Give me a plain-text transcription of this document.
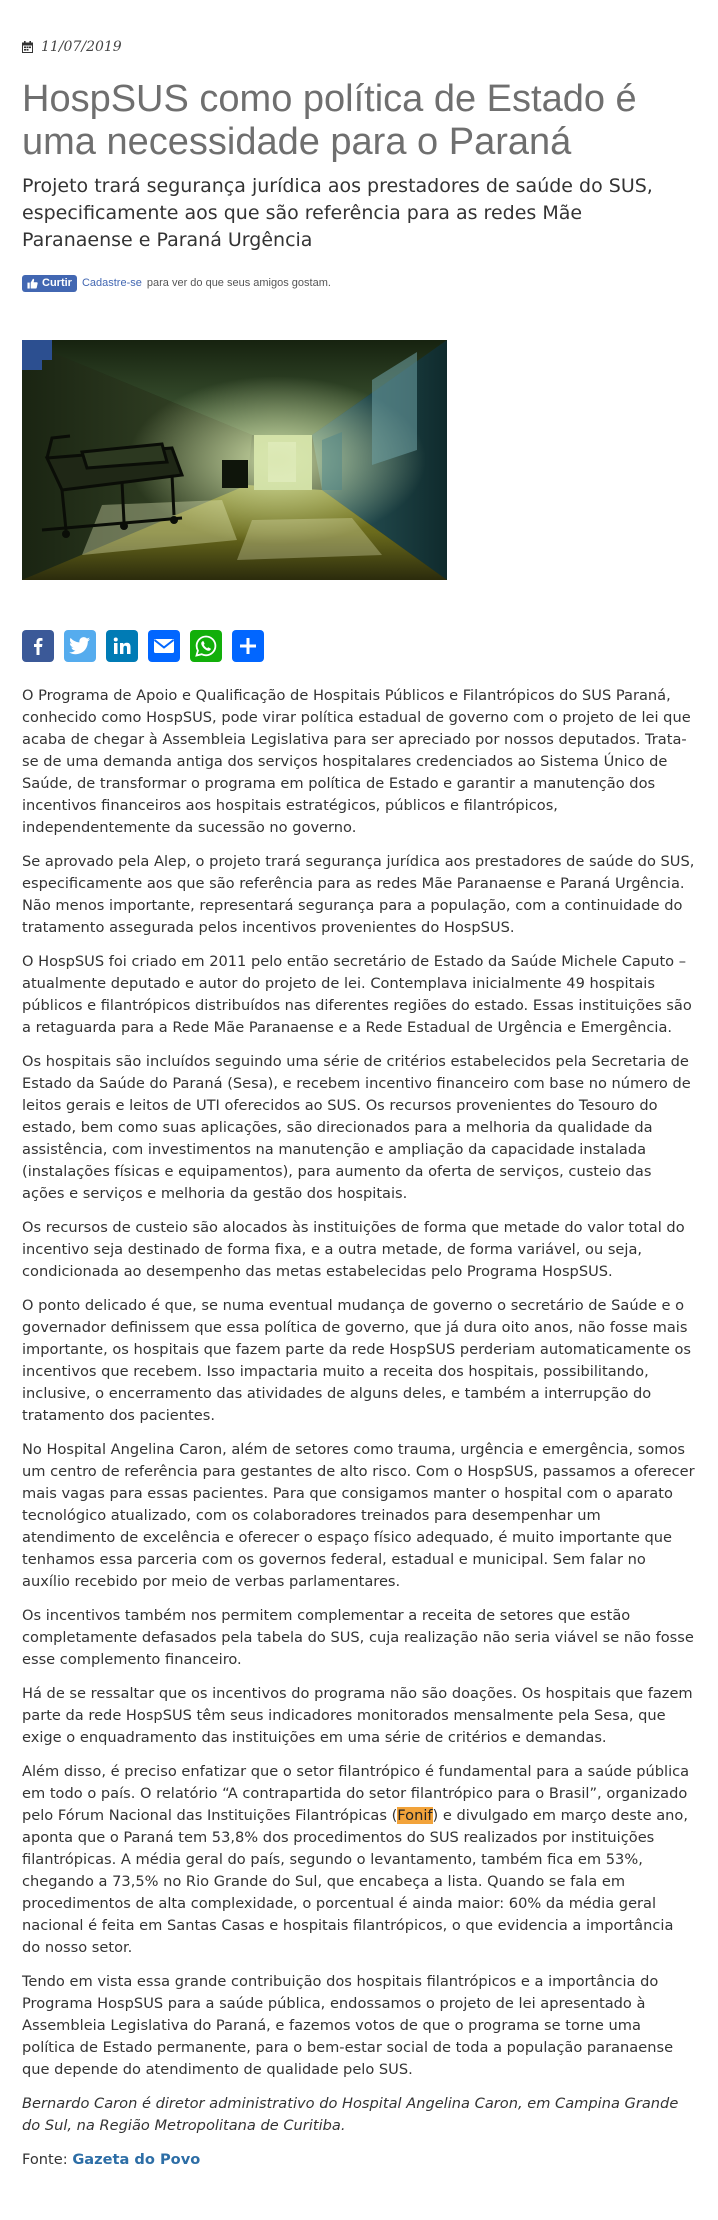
11/07/2019
HospSUS como política de Estado é uma necessidade para o Paraná
Projeto trará segurança jurídica aos prestadores de saúde do SUS, especificamente aos que são referência para as redes Mãe Paranaense e Paraná Urgência
Curtir Cadastre-se para ver do que seus amigos gostam.

O Programa de Apoio e Qualificação de Hospitais Públicos e Filantrópicos do SUS Paraná, conhecido como HospSUS, pode virar política estadual de governo com o projeto de lei que acaba de chegar à Assembleia Legislativa para ser apreciado por nossos deputados. Trata-se de uma demanda antiga dos serviços hospitalares credenciados ao Sistema Único de Saúde, de transformar o programa em política de Estado e garantir a manutenção dos incentivos financeiros aos hospitais estratégicos, públicos e filantrópicos, independentemente da sucessão no governo.

Se aprovado pela Alep, o projeto trará segurança jurídica aos prestadores de saúde do SUS, especificamente aos que são referência para as redes Mãe Paranaense e Paraná Urgência. Não menos importante, representará segurança para a população, com a continuidade do tratamento assegurada pelos incentivos provenientes do HospSUS.

O HospSUS foi criado em 2011 pelo então secretário de Estado da Saúde Michele Caputo – atualmente deputado e autor do projeto de lei. Contemplava inicialmente 49 hospitais públicos e filantrópicos distribuídos nas diferentes regiões do estado. Essas instituições são a retaguarda para a Rede Mãe Paranaense e a Rede Estadual de Urgência e Emergência.

Os hospitais são incluídos seguindo uma série de critérios estabelecidos pela Secretaria de Estado da Saúde do Paraná (Sesa), e recebem incentivo financeiro com base no número de leitos gerais e leitos de UTI oferecidos ao SUS. Os recursos provenientes do Tesouro do estado, bem como suas aplicações, são direcionados para a melhoria da qualidade da assistência, com investimentos na manutenção e ampliação da capacidade instalada (instalações físicas e equipamentos), para aumento da oferta de serviços, custeio das ações e serviços e melhoria da gestão dos hospitais.

Os recursos de custeio são alocados às instituições de forma que metade do valor total do incentivo seja destinado de forma fixa, e a outra metade, de forma variável, ou seja, condicionada ao desempenho das metas estabelecidas pelo Programa HospSUS.

O ponto delicado é que, se numa eventual mudança de governo o secretário de Saúde e o governador definissem que essa política de governo, que já dura oito anos, não fosse mais importante, os hospitais que fazem parte da rede HospSUS perderiam automaticamente os incentivos que recebem. Isso impactaria muito a receita dos hospitais, possibilitando, inclusive, o encerramento das atividades de alguns deles, e também a interrupção do tratamento dos pacientes.

No Hospital Angelina Caron, além de setores como trauma, urgência e emergência, somos um centro de referência para gestantes de alto risco. Com o HospSUS, passamos a oferecer mais vagas para essas pacientes. Para que consigamos manter o hospital com o aparato tecnológico atualizado, com os colaboradores treinados para desempenhar um atendimento de excelência e oferecer o espaço físico adequado, é muito importante que tenhamos essa parceria com os governos federal, estadual e municipal. Sem falar no auxílio recebido por meio de verbas parlamentares.

Os incentivos também nos permitem complementar a receita de setores que estão completamente defasados pela tabela do SUS, cuja realização não seria viável se não fosse esse complemento financeiro.

Há de se ressaltar que os incentivos do programa não são doações. Os hospitais que fazem parte da rede HospSUS têm seus indicadores monitorados mensalmente pela Sesa, que exige o enquadramento das instituições em uma série de critérios e demandas.

Além disso, é preciso enfatizar que o setor filantrópico é fundamental para a saúde pública em todo o país. O relatório “A contrapartida do setor filantrópico para o Brasil”, organizado pelo Fórum Nacional das Instituições Filantrópicas (Fonif) e divulgado em março deste ano, aponta que o Paraná tem 53,8% dos procedimentos do SUS realizados por instituições filantrópicas. A média geral do país, segundo o levantamento, também fica em 53%, chegando a 73,5% no Rio Grande do Sul, que encabeça a lista. Quando se fala em procedimentos de alta complexidade, o porcentual é ainda maior: 60% da média geral nacional é feita em Santas Casas e hospitais filantrópicos, o que evidencia a importância do nosso setor.

Tendo em vista essa grande contribuição dos hospitais filantrópicos e a importância do Programa HospSUS para a saúde pública, endossamos o projeto de lei apresentado à Assembleia Legislativa do Paraná, e fazemos votos de que o programa se torne uma política de Estado permanente, para o bem-estar social de toda a população paranaense que depende do atendimento de qualidade pelo SUS.

Bernardo Caron é diretor administrativo do Hospital Angelina Caron, em Campina Grande do Sul, na Região Metropolitana de Curitiba.

Fonte: Gazeta do Povo
